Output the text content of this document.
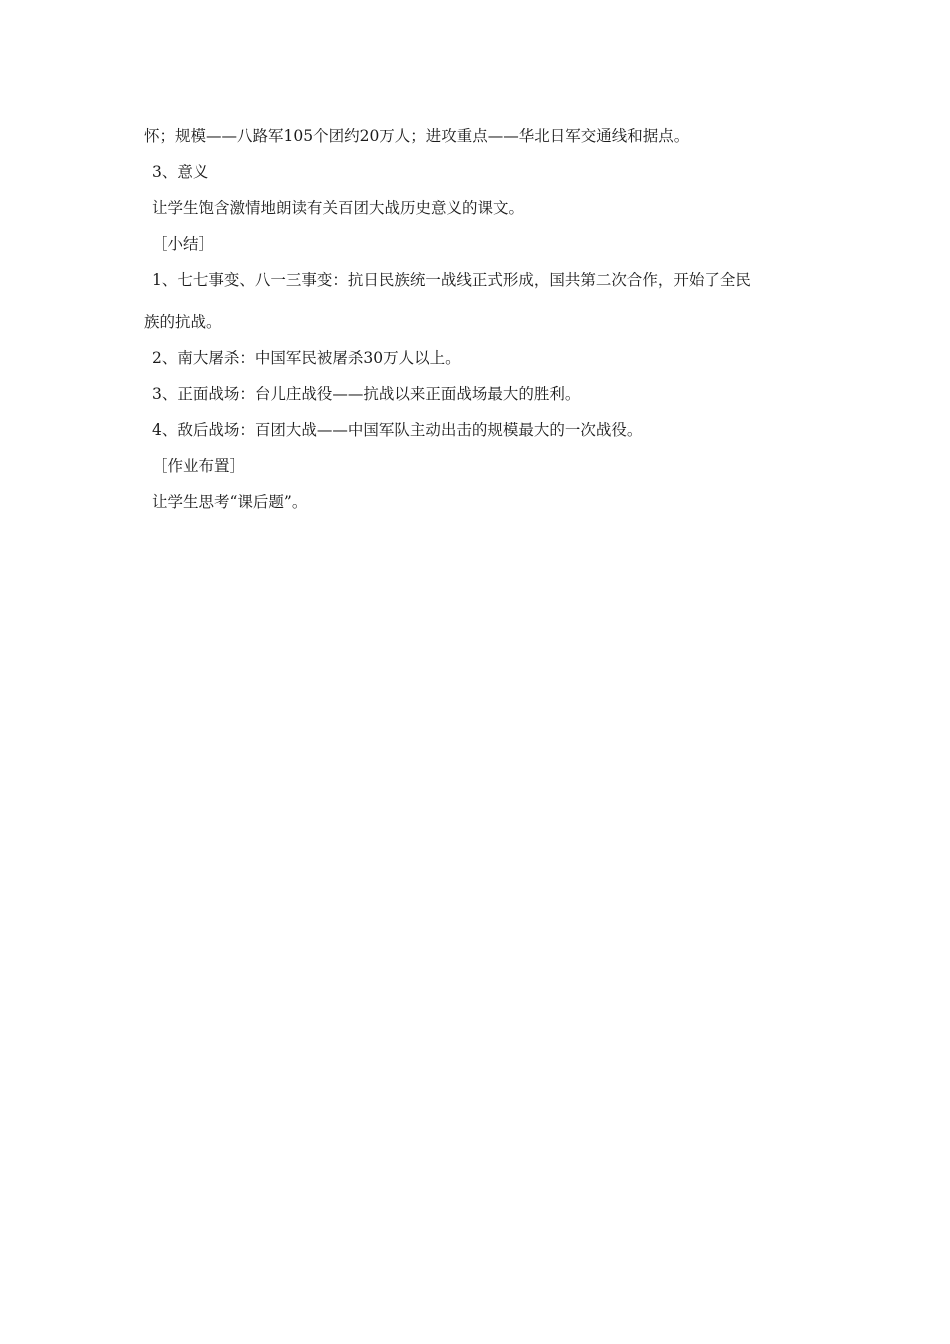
怀；规模——八路军105个团约20万人；进攻重点——华北日军交通线和据点。
3、意义
让学生饱含激情地朗读有关百团大战历史意义的课文。
［小结］
1、七七事变、八一三事变：抗日民族统一战线正式形成，国共第二次合作，开始了全民
族的抗战。
2、南大屠杀：中国军民被屠杀30万人以上。
3、正面战场：台儿庄战役——抗战以来正面战场最大的胜利。
4、敌后战场：百团大战——中国军队主动出击的规模最大的一次战役。
［作业布置］
让学生思考“课后题”。
